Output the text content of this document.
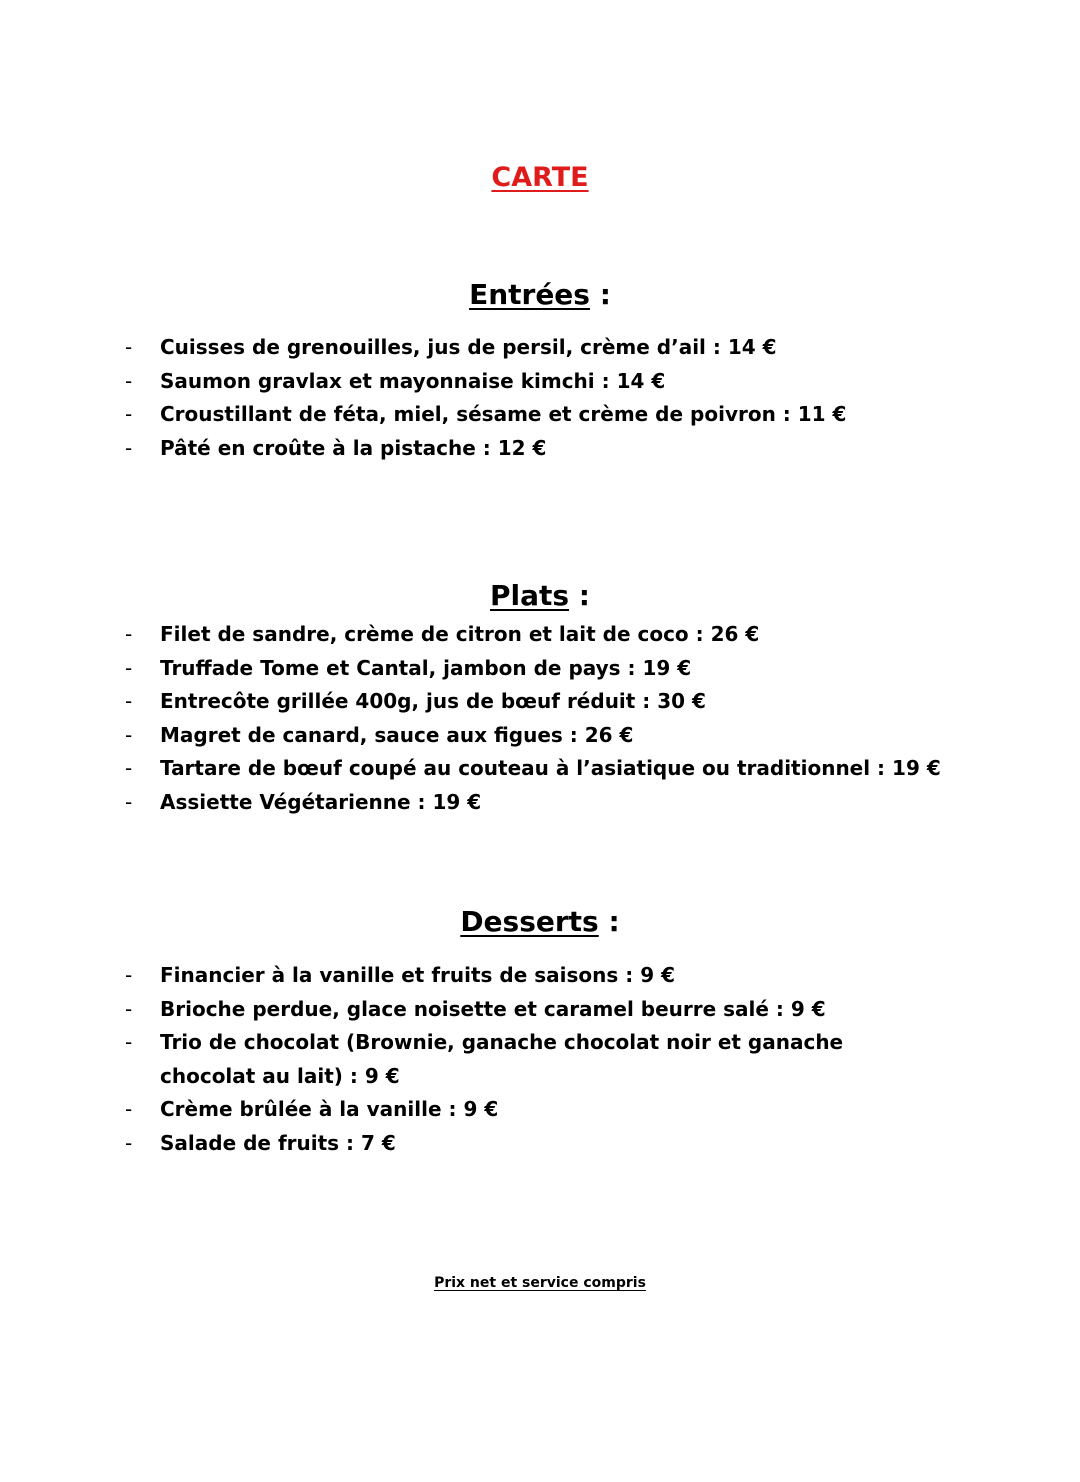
CARTE
Entrées :
- Cuisses de grenouilles, jus de persil, crème d’ail : 14 €
- Saumon gravlax et mayonnaise kimchi : 14 €
- Croustillant de féta, miel, sésame et crème de poivron : 11 €
- Pâté en croûte à la pistache : 12 €
Plats :
- Filet de sandre, crème de citron et lait de coco : 26 €
- Truffade Tome et Cantal, jambon de pays : 19 €
- Entrecôte grillée 400g, jus de bœuf réduit : 30 €
- Magret de canard, sauce aux figues : 26 €
- Tartare de bœuf coupé au couteau à l’asiatique ou traditionnel : 19 €
- Assiette Végétarienne : 19 €
Desserts :
- Financier à la vanille et fruits de saisons : 9 €
- Brioche perdue, glace noisette et caramel beurre salé : 9 €
- Trio de chocolat (Brownie, ganache chocolat noir et ganache chocolat au lait) : 9 €
- Crème brûlée à la vanille : 9 €
- Salade de fruits : 7 €
Prix net et service compris
